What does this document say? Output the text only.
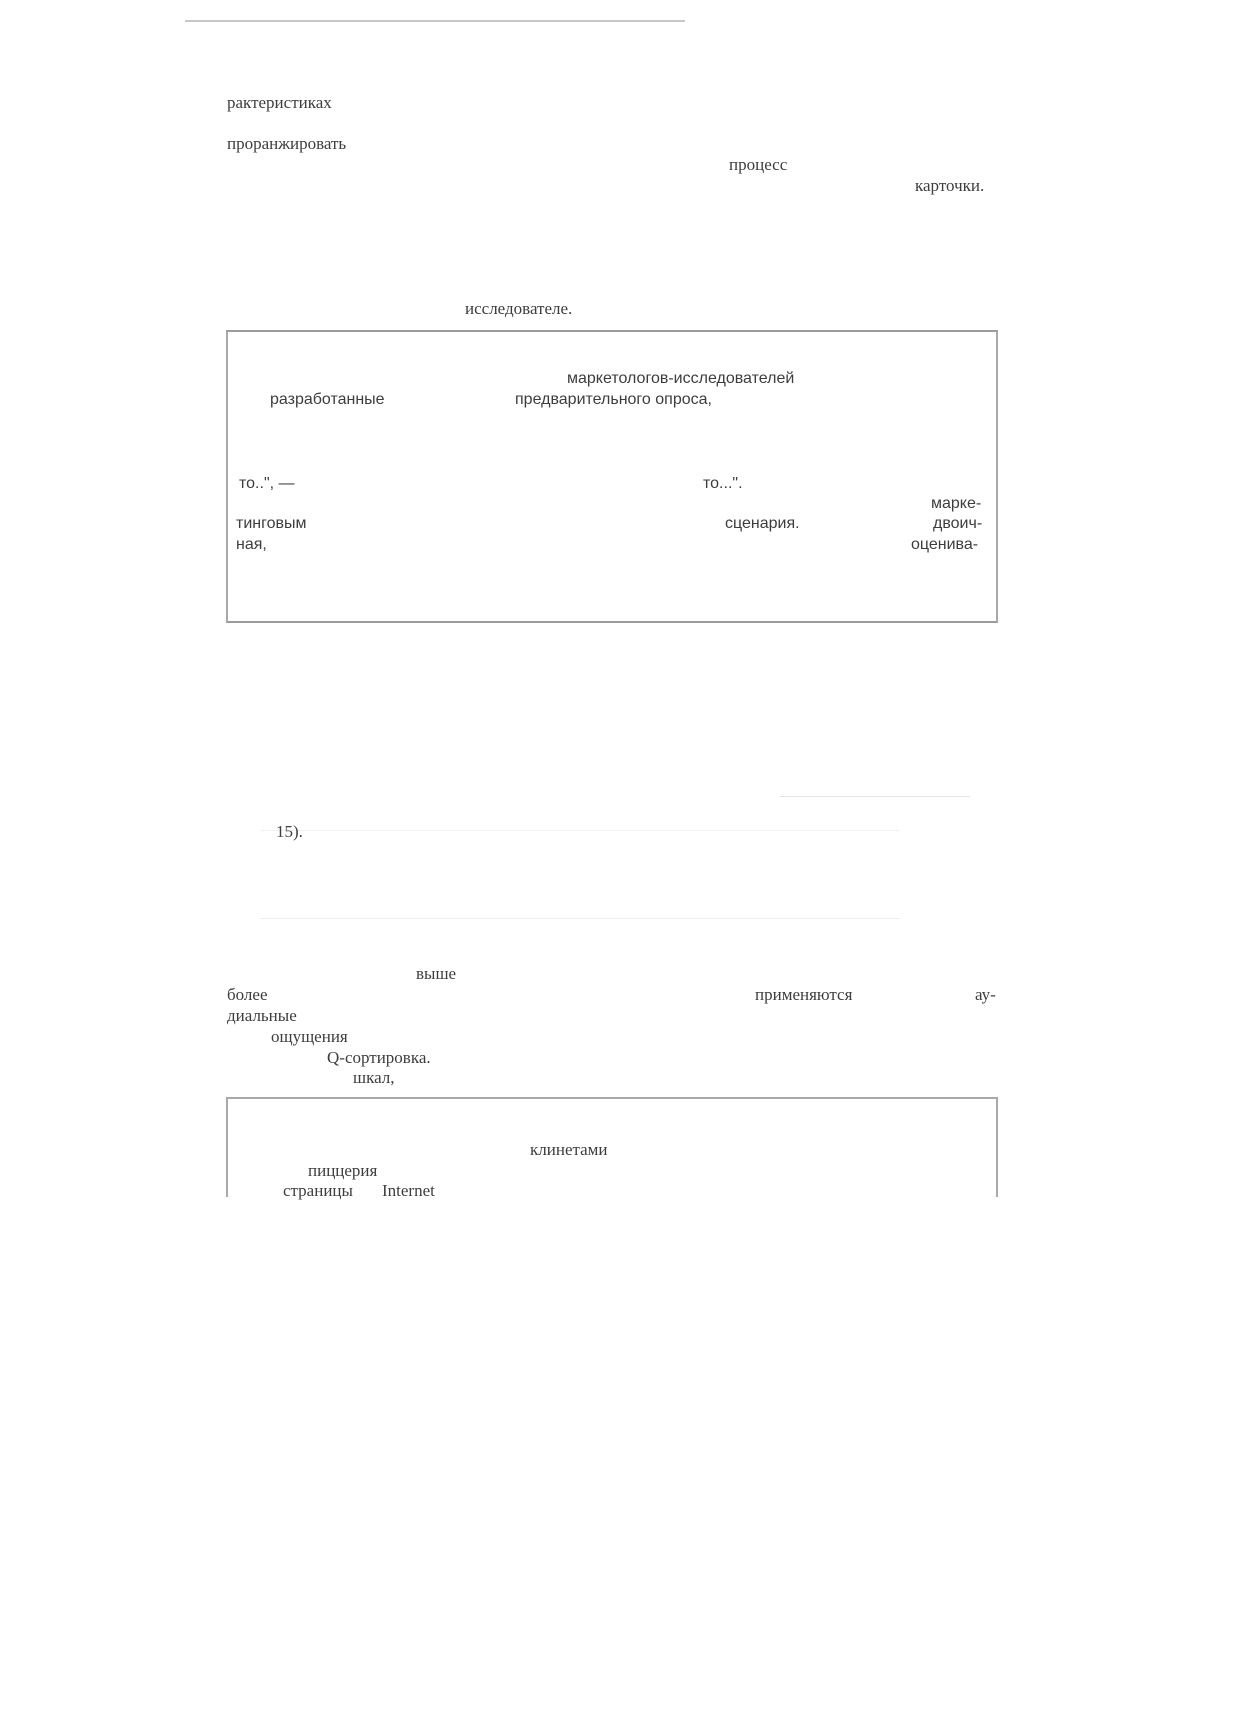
рактеристиках
проранжировать
процесс
карточки.
исследователе.
маркетологов-исследователей
разработанные	предварительного опроса,
то..", —	то...".
марке-
тинговым	сценария.	двоич-
ная,	оценива-
15).
выше
более	применяются	ау-
диальные
ощущения
Q-сортировка.
шкал,
клинетами
пиццерия
страницы Internet
